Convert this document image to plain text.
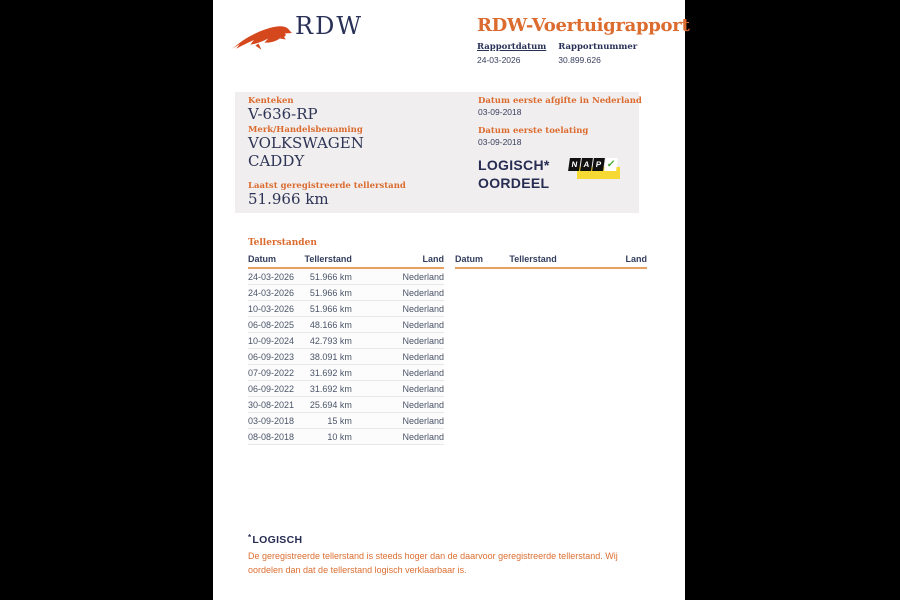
RDW	RDW-Voertuigrapport
Rapportdatum
24-03-2026
Rapportnummer
30.899.626
Kenteken
V-636-RP
Merk/Handelsbenaming
VOLKSWAGEN
CADDY
Laatst geregistreerde tellerstand
51.966 km
Datum eerste afgifte in Nederland
03-09-2018
Datum eerste toelating
03-09-2018
LOGISCH*
OORDEEL
N A P ✓
Tellerstanden
Datum	Tellerstand	Land
24-03-2026	51.966 km	Nederland
24-03-2026	51.966 km	Nederland
10-03-2026	51.966 km	Nederland
06-08-2025	48.166 km	Nederland
10-09-2024	42.793 km	Nederland
06-09-2023	38.091 km	Nederland
07-09-2022	31.692 km	Nederland
06-09-2022	31.692 km	Nederland
30-08-2021	25.694 km	Nederland
03-09-2018	15 km	Nederland
08-08-2018	10 km	Nederland
Datum	Tellerstand	Land
*LOGISCH
De geregistreerde tellerstand is steeds hoger dan de daarvoor geregistreerde tellerstand. Wij oordelen dan dat de tellerstand logisch verklaarbaar is.
